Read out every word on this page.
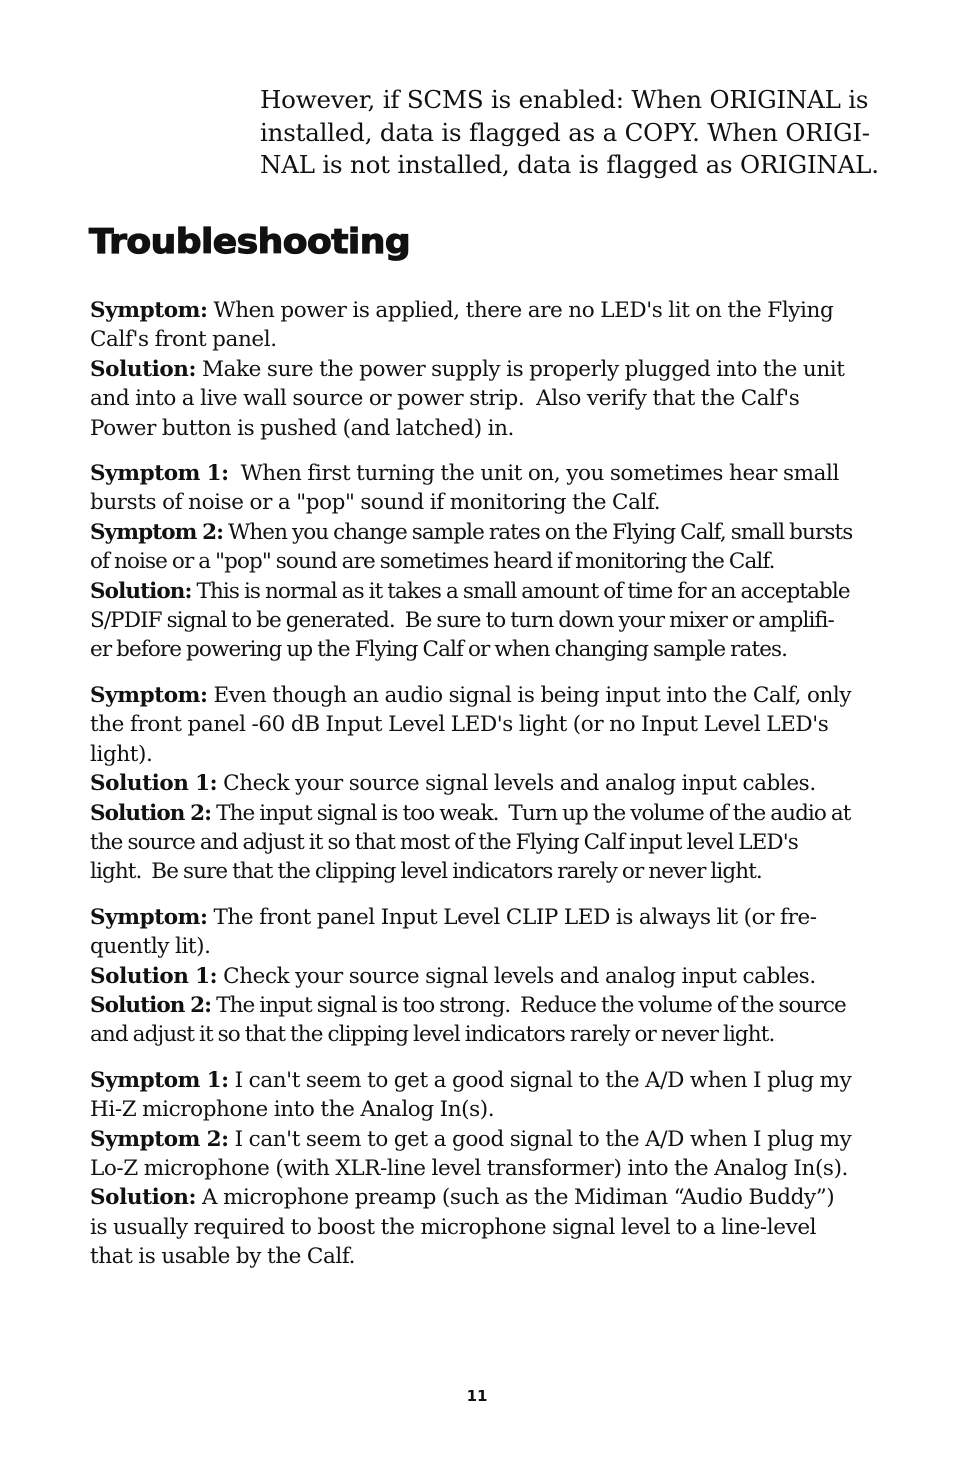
However, if SCMS is enabled: When ORIGINAL is
installed, data is flagged as a COPY. When ORIGI-
NAL is not installed, data is flagged as ORIGINAL.
Troubleshooting
Symptom: When power is applied, there are no LED's lit on the Flying
Calf's front panel.
Solution: Make sure the power supply is properly plugged into the unit
and into a live wall source or power strip.  Also verify that the Calf's
Power button is pushed (and latched) in.
Symptom 1:  When first turning the unit on, you sometimes hear small
bursts of noise or a "pop" sound if monitoring the Calf.
Symptom 2: When you change sample rates on the Flying Calf, small bursts
of noise or a "pop" sound are sometimes heard if monitoring the Calf.
Solution: This is normal as it takes a small amount of time for an acceptable
S/PDIF signal to be generated.  Be sure to turn down your mixer or amplifi-
er before powering up the Flying Calf or when changing sample rates.
Symptom: Even though an audio signal is being input into the Calf, only
the front panel -60 dB Input Level LED's light (or no Input Level LED's
light).
Solution 1: Check your source signal levels and analog input cables.
Solution 2: The input signal is too weak.  Turn up the volume of the audio at
the source and adjust it so that most of the Flying Calf input level LED's
light.  Be sure that the clipping level indicators rarely or never light.
Symptom: The front panel Input Level CLIP LED is always lit (or fre-
quently lit).
Solution 1: Check your source signal levels and analog input cables.
Solution 2: The input signal is too strong.  Reduce the volume of the source
and adjust it so that the clipping level indicators rarely or never light.
Symptom 1: I can't seem to get a good signal to the A/D when I plug my
Hi-Z microphone into the Analog In(s).
Symptom 2: I can't seem to get a good signal to the A/D when I plug my
Lo-Z microphone (with XLR-line level transformer) into the Analog In(s).
Solution: A microphone preamp (such as the Midiman “Audio Buddy”)
is usually required to boost the microphone signal level to a line-level
that is usable by the Calf.
11
